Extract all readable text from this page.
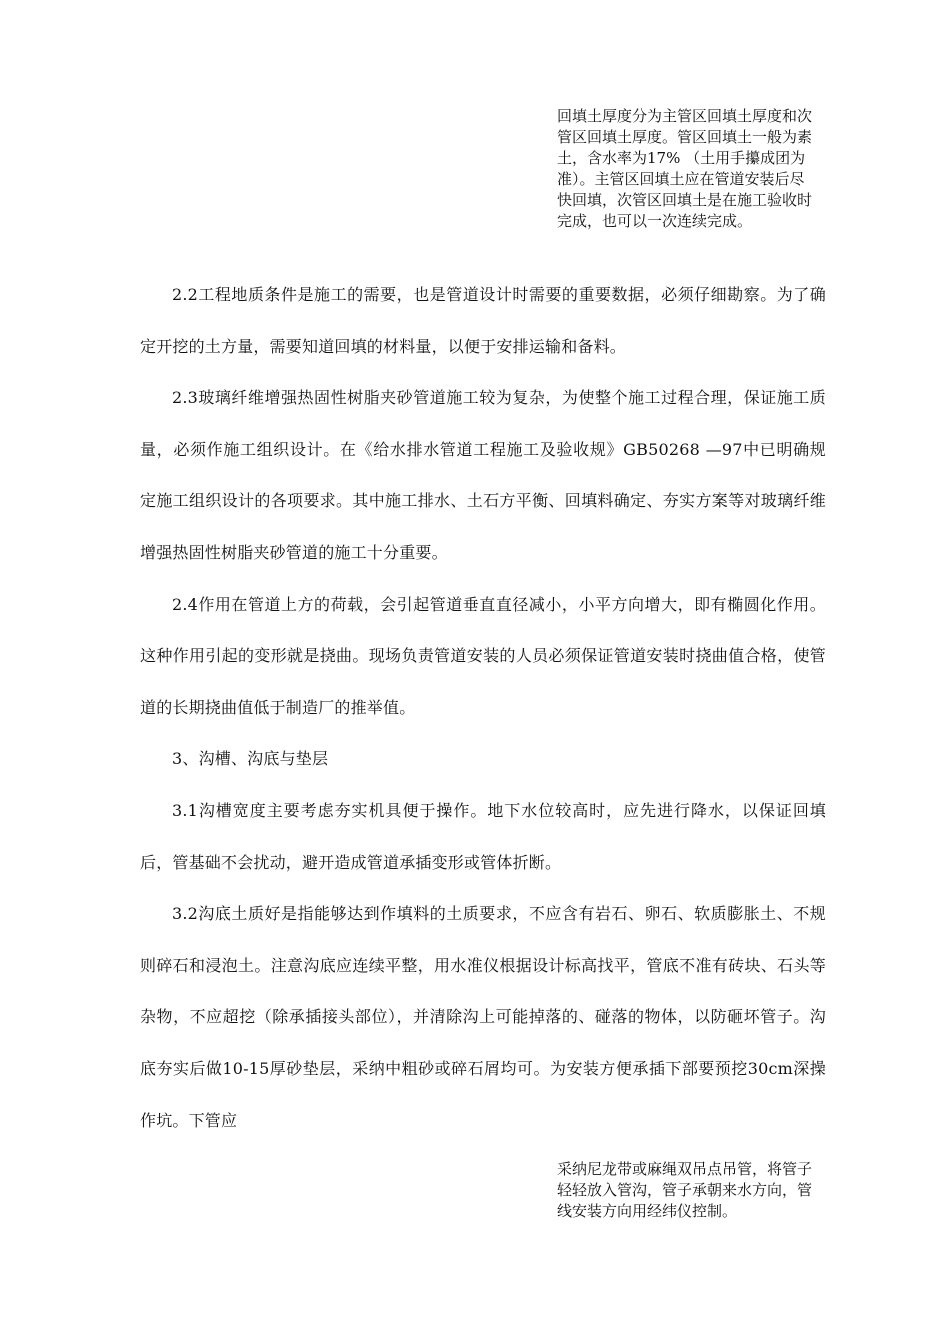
回填土厚度分为主管区回填土厚度和次管区回填土厚度。管区回填土一般为素土，含水率为17% （土用手攥成团为准）。主管区回填土应在管道安装后尽快回填，次管区回填土是在施工验收时完成，也可以一次连续完成。

2.2工程地质条件是施工的需要，也是管道设计时需要的重要数据，必须仔细勘察。为了确定开挖的土方量，需要知道回填的材料量，以便于安排运输和备料。

2.3玻璃纤维增强热固性树脂夹砂管道施工较为复杂，为使整个施工过程合理，保证施工质量，必须作施工组织设计。在《给水排水管道工程施工及验收规》GB50268 —97中已明确规定施工组织设计的各项要求。其中施工排水、土石方平衡、回填料确定、夯实方案等对玻璃纤维增强热固性树脂夹砂管道的施工十分重要。

2.4作用在管道上方的荷载，会引起管道垂直直径减小，小平方向增大，即有椭圆化作用。这种作用引起的变形就是挠曲。现场负责管道安装的人员必须保证管道安装时挠曲值合格，使管道的长期挠曲值低于制造厂的推举值。

3、沟槽、沟底与垫层

3.1沟槽宽度主要考虑夯实机具便于操作。地下水位较高时，应先进行降水，以保证回填后，管基础不会扰动，避开造成管道承插变形或管体折断。

3.2沟底土质好是指能够达到作填料的土质要求，不应含有岩石、卵石、软质膨胀土、不规则碎石和浸泡土。注意沟底应连续平整，用水准仪根据设计标高找平，管底不准有砖块、石头等杂物，不应超挖（除承插接头部位），并清除沟上可能掉落的、碰落的物体，以防砸坏管子。沟底夯实后做10-15厚砂垫层，采纳中粗砂或碎石屑均可。为安装方便承插下部要预挖30cm深操作坑。下管应

采纳尼龙带或麻绳双吊点吊管，将管子轻轻放入管沟，管子承朝来水方向，管线安装方向用经纬仪控制。
